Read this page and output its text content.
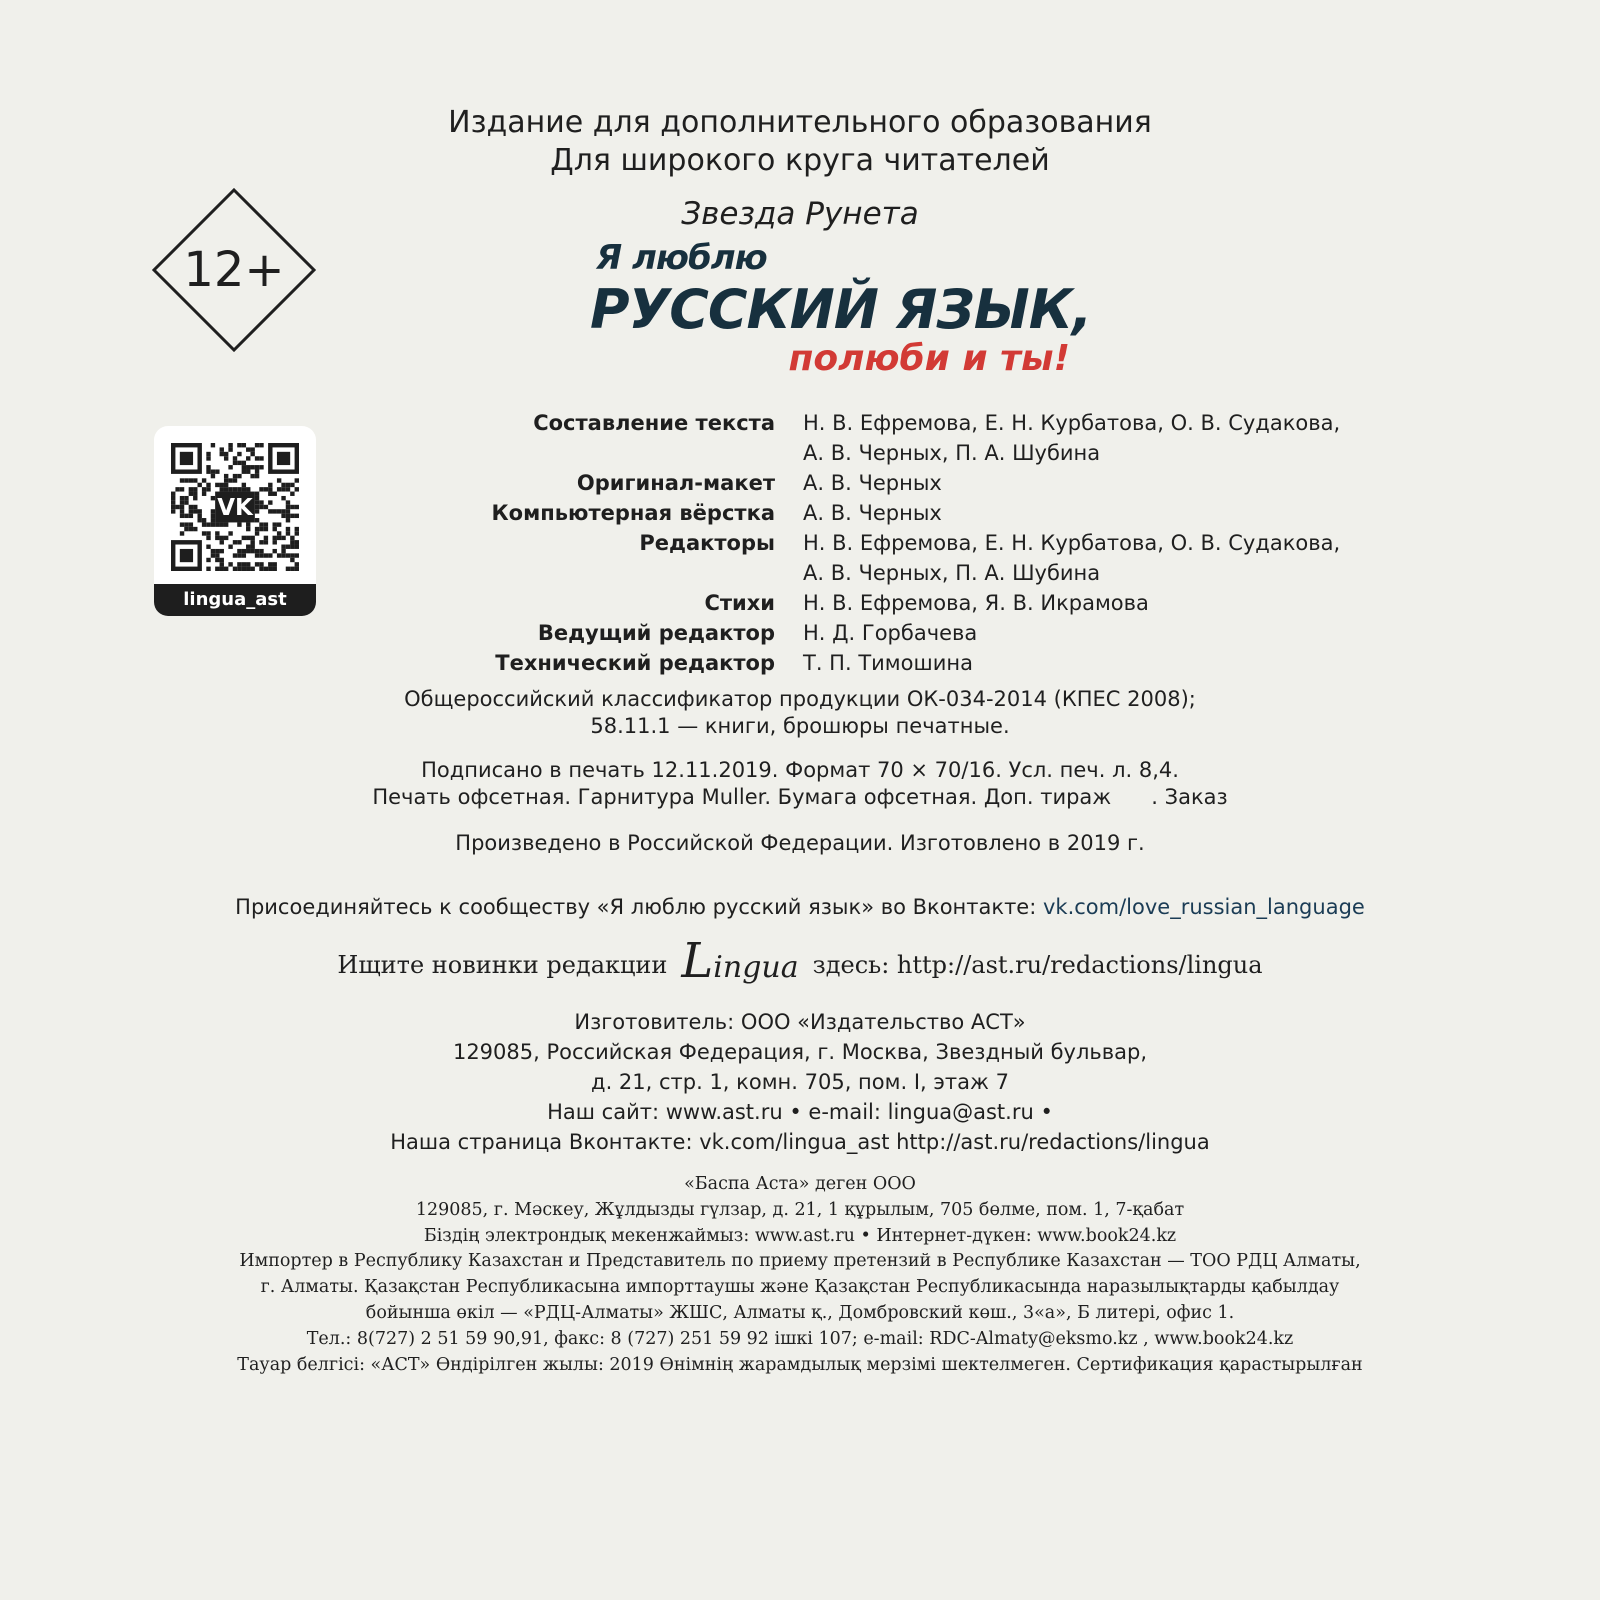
Издание для дополнительного образования
Для широкого круга читателей
Звезда Рунета
12+
VK
lingua_ast
Я люблю
РУССКИЙ ЯЗЫК,
полюби и ты!
Составление текста	Н. В. Ефремова, Е. Н. Курбатова, О. В. Судакова,
А. В. Черных, П. А. Шубина
Оригинал-макет	А. В. Черных
Компьютерная вёрстка	А. В. Черных
Редакторы	Н. В. Ефремова, Е. Н. Курбатова, О. В. Судакова,
А. В. Черных, П. А. Шубина
Стихи	Н. В. Ефремова, Я. В. Икрамова
Ведущий редактор	Н. Д. Горбачева
Технический редактор	Т. П. Тимошина
Общероссийский классификатор продукции ОК-034-2014 (КПЕС 2008);
58.11.1 — книги, брошюры печатные.
Подписано в печать 12.11.2019. Формат 70 × 70/16. Усл. печ. л. 8,4.
Печать офсетная. Гарнитура Muller. Бумага офсетная. Доп. тираж      . Заказ
Произведено в Российской Федерации. Изготовлено в 2019 г.
Присоединяйтесь к сообществу «Я люблю русский язык» во Вконтакте: vk.com/love_russian_language
Ищите новинки редакции Lingua здесь: http://ast.ru/redactions/lingua
Изготовитель: ООО «Издательство АСТ»
129085, Российская Федерация, г. Москва, Звездный бульвар,
д. 21, стр. 1, комн. 705, пом. I, этаж 7
Наш сайт: www.ast.ru • e-mail: lingua@ast.ru •
Наша страница Вконтакте: vk.com/lingua_ast http://ast.ru/redactions/lingua
«Баспа Аста» деген ООО
129085, г. Мәскеу, Жұлдызды гүлзар, д. 21, 1 құрылым, 705 бөлме, пом. 1, 7-қабат
Біздің электрондық мекенжаймыз: www.ast.ru • Интернет-дүкен: www.book24.kz
Импортер в Республику Казахстан и Представитель по приему претензий в Республике Казахстан — ТОО РДЦ Алматы,
г. Алматы. Қазақстан Республикасына импорттаушы және Қазақстан Республикасында наразылықтарды қабылдау
бойынша өкіл — «РДЦ-Алматы» ЖШС, Алматы қ., Домбровский көш., 3«а», Б литері, офис 1.
Тел.: 8(727) 2 51 59 90,91, факс: 8 (727) 251 59 92 ішкі 107; e-mail: RDC-Almaty@eksmo.kz , www.book24.kz
Тауар белгісі: «АСТ» Өндірілген жылы: 2019 Өнімнің жарамдылық мерзімі шектелмеген. Сертификация қарастырылған
